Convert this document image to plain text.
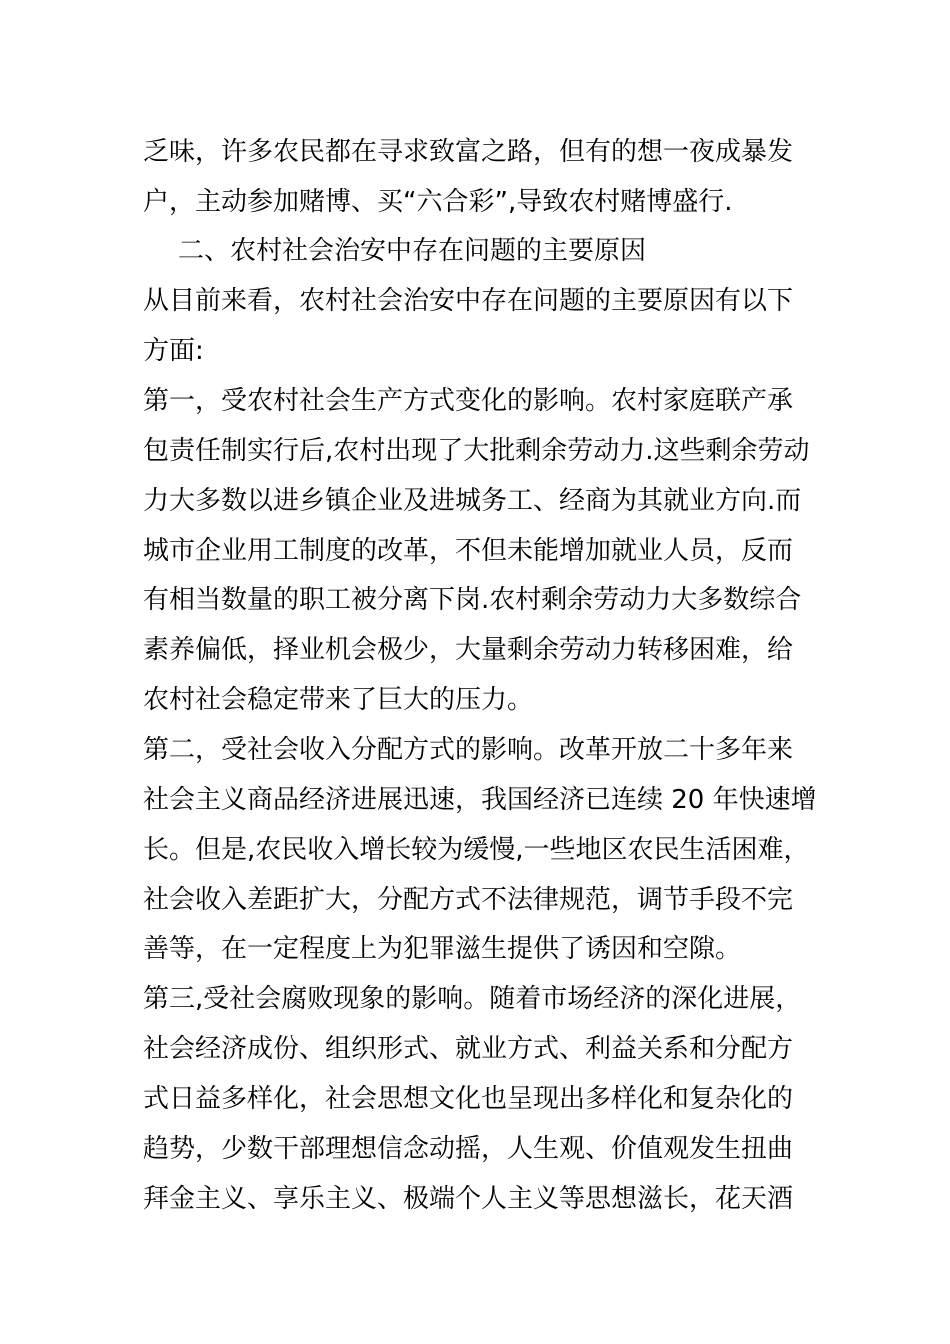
乏味，许多农民都在寻求致富之路，但有的想一夜成暴发
户，主动参加赌博、买“六合彩”,导致农村赌博盛行.
二、农村社会治安中存在问题的主要原因
从目前来看，农村社会治安中存在问题的主要原因有以下
方面:
第一，受农村社会生产方式变化的影响。农村家庭联产承
包责任制实行后,农村出现了大批剩余劳动力.这些剩余劳动
力大多数以进乡镇企业及进城务工、经商为其就业方向.而
城市企业用工制度的改革，不但未能增加就业人员，反而
有相当数量的职工被分离下岗.农村剩余劳动力大多数综合
素养偏低，择业机会极少，大量剩余劳动力转移困难，给
农村社会稳定带来了巨大的压力。
第二，受社会收入分配方式的影响。改革开放二十多年来
社会主义商品经济进展迅速，我国经济已连续 20 年快速增
长。但是,农民收入增长较为缓慢,一些地区农民生活困难，
社会收入差距扩大，分配方式不法律规范，调节手段不完
善等，在一定程度上为犯罪滋生提供了诱因和空隙。
第三,受社会腐败现象的影响。随着市场经济的深化进展，
社会经济成份、组织形式、就业方式、利益关系和分配方
式日益多样化，社会思想文化也呈现出多样化和复杂化的
趋势，少数干部理想信念动摇，人生观、价值观发生扭曲
拜金主义、享乐主义、极端个人主义等思想滋长，花天酒
